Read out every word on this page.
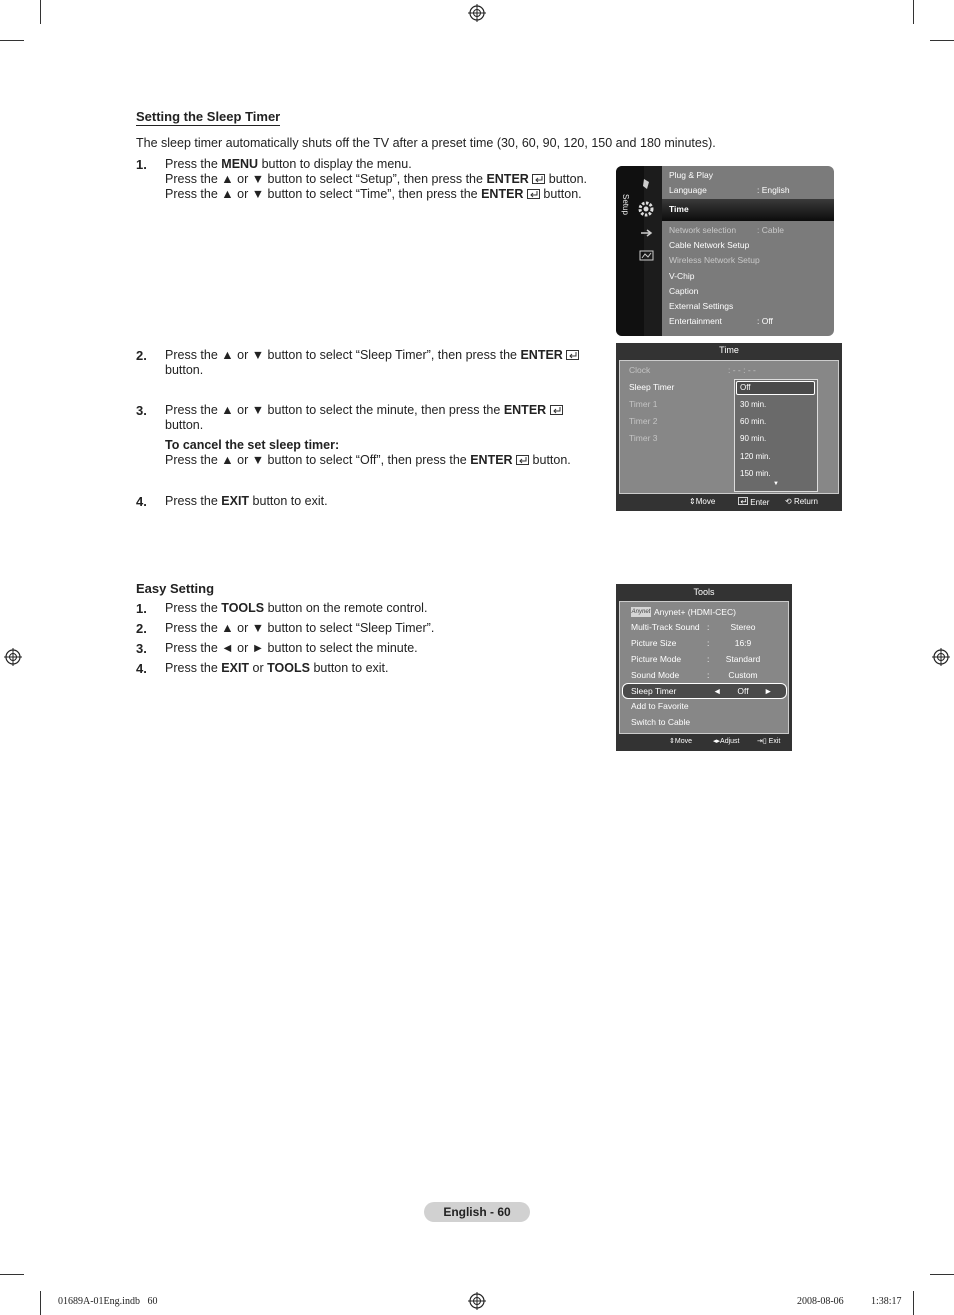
Setting the Sleep Timer
The sleep timer automatically shuts off the TV after a preset time (30, 60, 90, 120, 150 and 180 minutes).
1. Press the MENU button to display the menu.
Press the ▲ or ▼ button to select “Setup”, then press the ENTER  button.
Press the ▲ or ▼ button to select “Time”, then press the ENTER  button.
2. Press the ▲ or ▼ button to select “Sleep Timer”, then press the ENTER
button.
3. Press the ▲ or ▼ button to select the minute, then press the ENTER
button.
To cancel the set sleep timer:
Press the ▲ or ▼ button to select “Off”, then press the ENTER  button.
4. Press the EXIT button to exit.
Setup
Plug & Play
Language	: English
Time
Network selection : Cable
Cable Network Setup
Wireless Network Setup
V-Chip
Caption
External Settings
Entertainment	: Off
Time
Clock
Sleep Timer
Timer 1
Timer 2
Timer 3
: - - : - -
⇕Move	Enter ⟲ Return
Off
30 min.
60 min.
90 min.
120 min.
150 min.
▼
Easy Setting
1. Press the TOOLS button on the remote control.
2. Press the ▲ or ▼ button to select “Sleep Timer”.
3. Press the ◄ or ► button to select the minute.
4. Press the EXIT or TOOLS button to exit.
Tools
⇕Move	◂▸Adjust	⇥▯ Exit
Anynet Anynet+ (HDMI-CEC)
Multi-Track Sound :	Stereo
Picture Size	:	16:9
Picture Mode	:	Standard
Sound Mode	:	Custom
Sleep Timer	◄	Off	►
Add to Favorite
Switch to Cable
English - 60
01689A-01Eng.indb   60	2008-08-06 1:38:17
